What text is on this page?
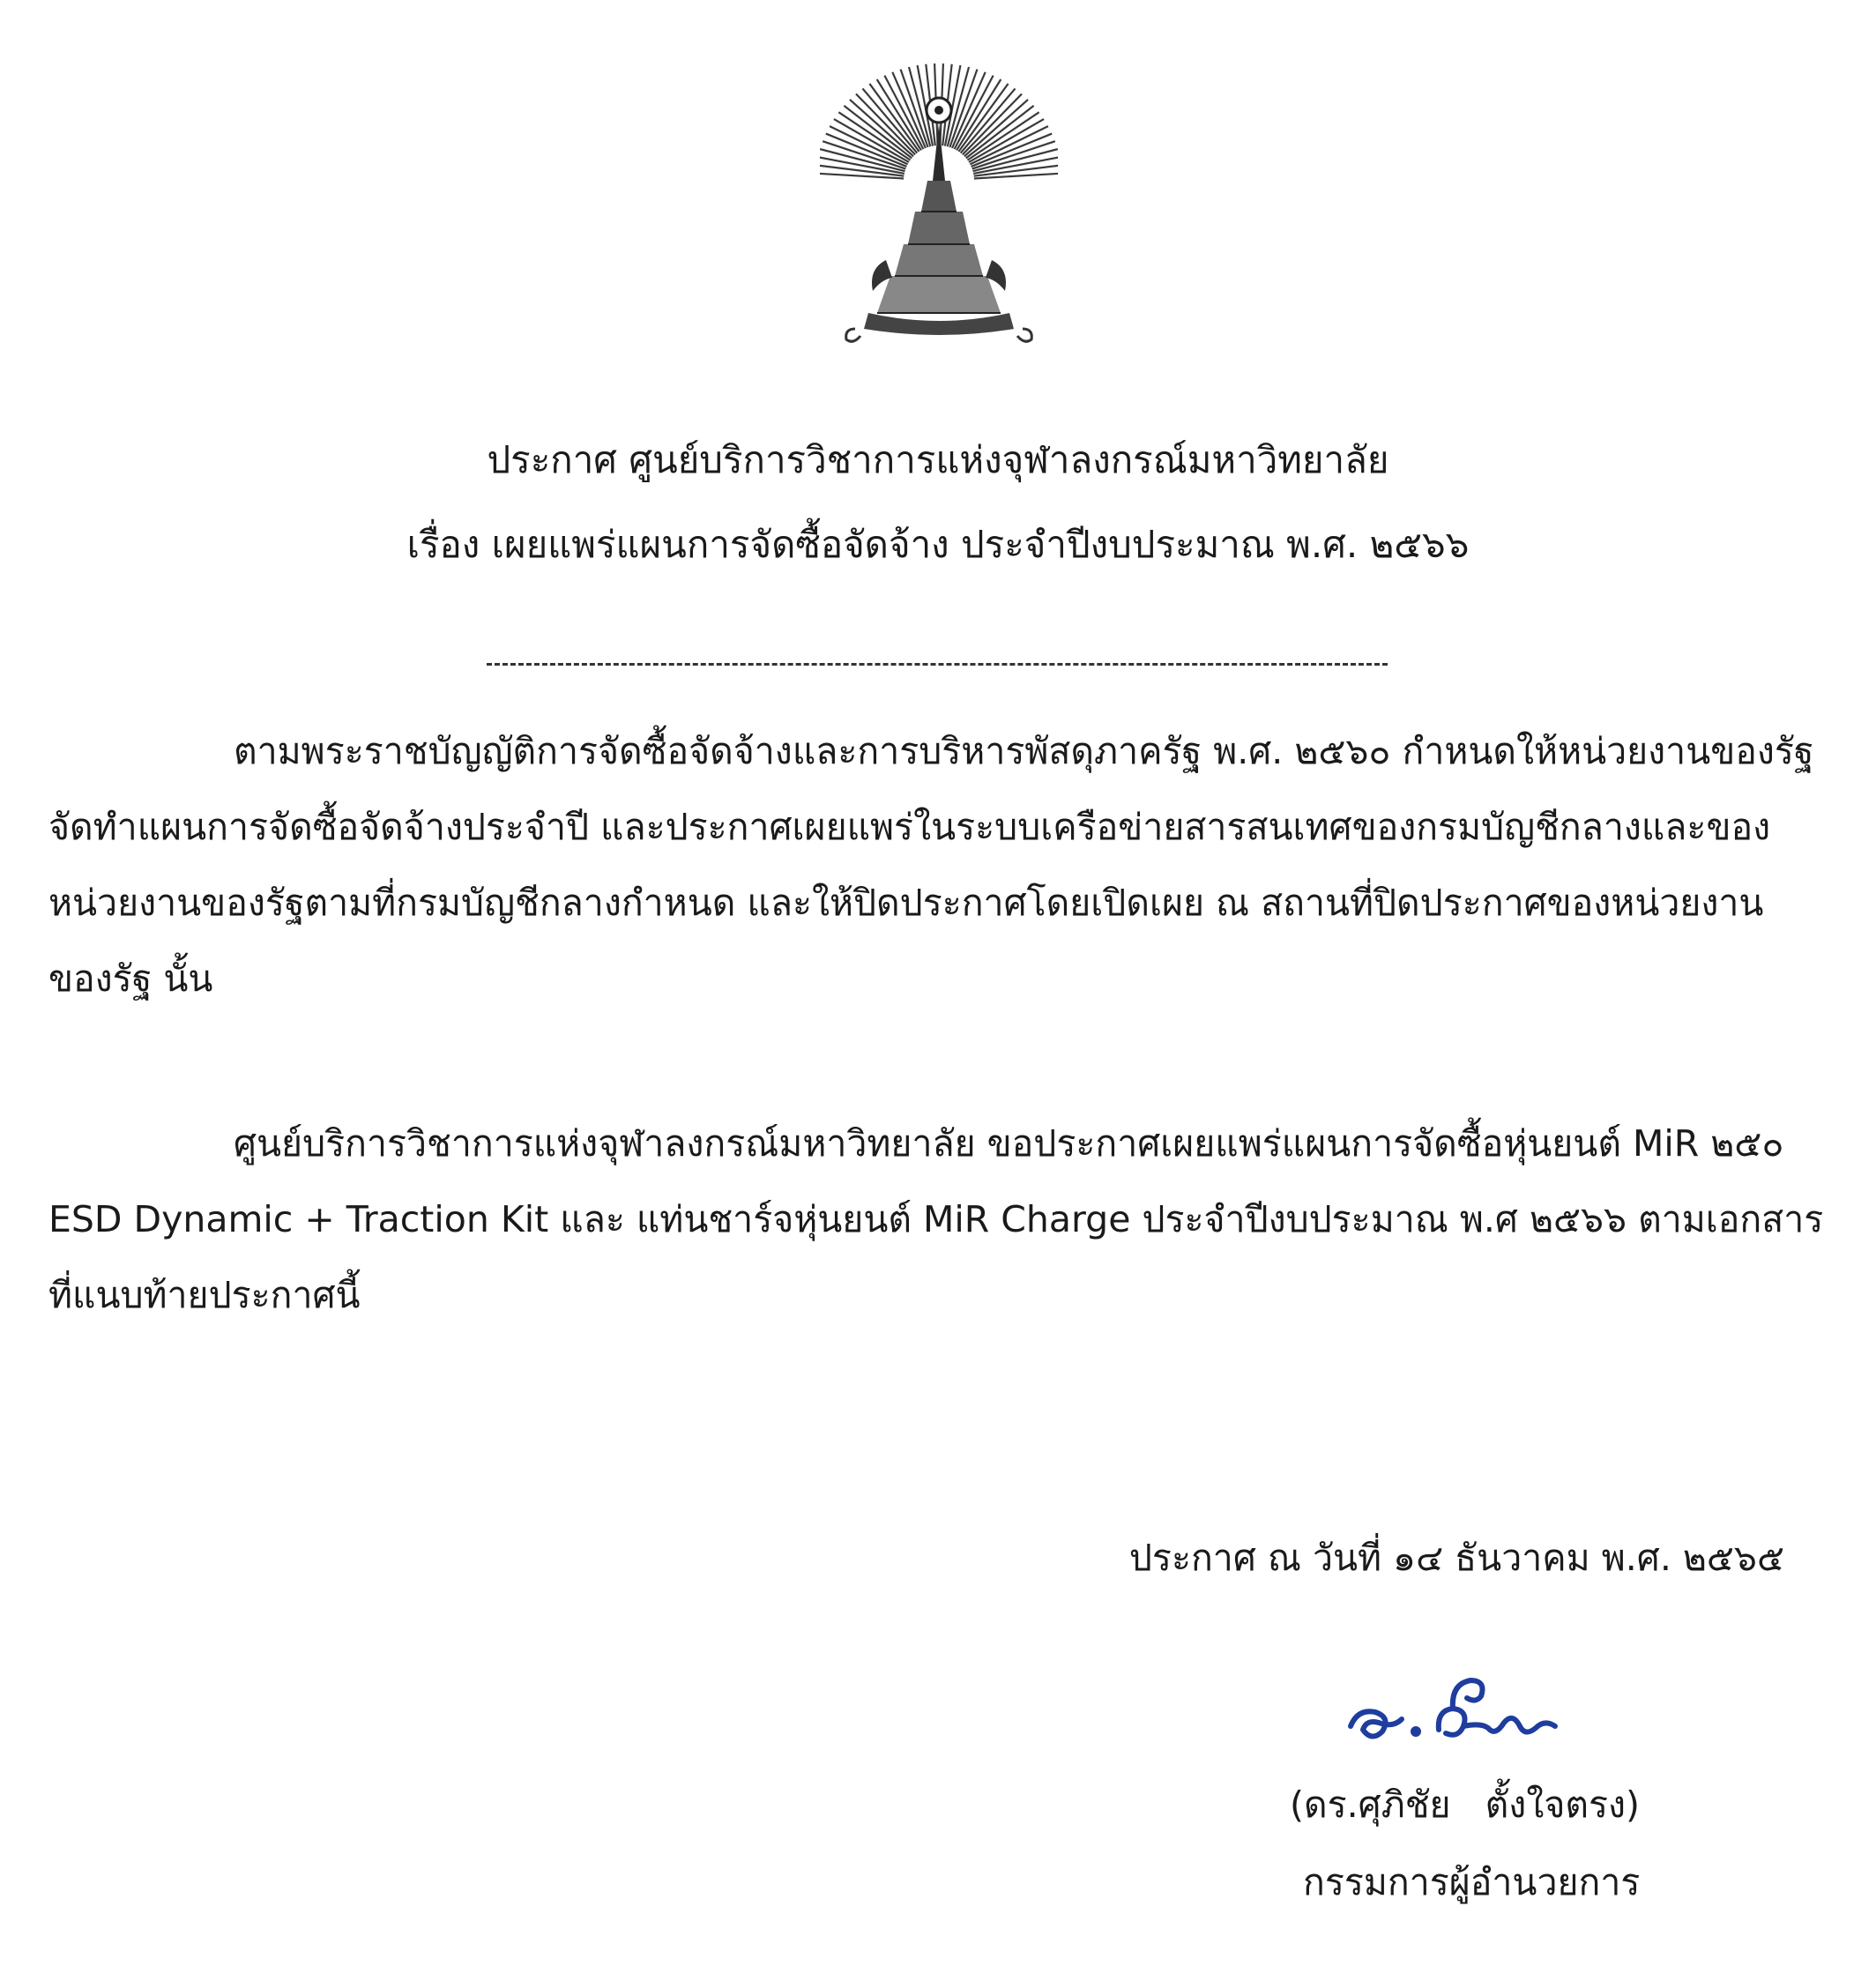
ประกาศ ศูนย์บริการวิชาการแห่งจุฬาลงกรณ์มหาวิทยาลัย
เรื่อง เผยแพร่แผนการจัดซื้อจัดจ้าง ประจำปีงบประมาณ พ.ศ. ๒๕๖๖
ตามพระราชบัญญัติการจัดซื้อจัดจ้างและการบริหารพัสดุภาครัฐ พ.ศ. ๒๕๖๐ กำหนดให้หน่วยงานของรัฐ
จัดทำแผนการจัดซื้อจัดจ้างประจำปี และประกาศเผยแพร่ในระบบเครือข่ายสารสนเทศของกรมบัญชีกลางและของ
หน่วยงานของรัฐตามที่กรมบัญชีกลางกำหนด และให้ปิดประกาศโดยเปิดเผย ณ สถานที่ปิดประกาศของหน่วยงาน
ของรัฐ นั้น
ศูนย์บริการวิชาการแห่งจุฬาลงกรณ์มหาวิทยาลัย ขอประกาศเผยแพร่แผนการจัดซื้อหุ่นยนต์ MiR ๒๕๐
ESD Dynamic + Traction Kit และ แท่นชาร์จหุ่นยนต์ MiR Charge ประจำปีงบประมาณ พ.ศ ๒๕๖๖ ตามเอกสาร
ที่แนบท้ายประกาศนี้
ประกาศ ณ วันที่ ๑๔ ธันวาคม พ.ศ. ๒๕๖๕
(ดร.ศุภิชัย   ตั้งใจตรง)
กรรมการผู้อำนวยการ
